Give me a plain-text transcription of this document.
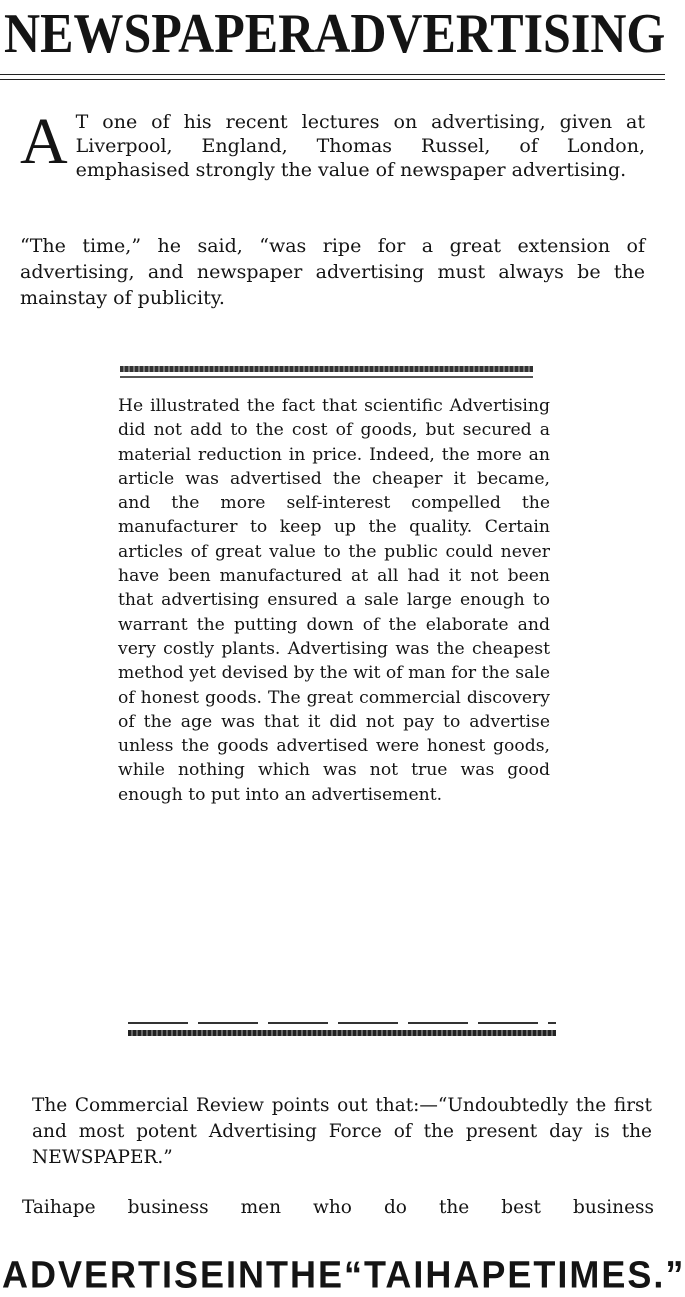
NEWSPAPER ADVERTISING
A T one of his recent lectures on advertising, given at Liverpool, England, Thomas Russel, of London, emphasised strongly the value of newspaper advertising.

“The time,” he said, “was ripe for a great extension of advertising, and newspaper advertising must always be the mainstay of publicity.

He illustrated the fact that scientific Advertising did not add to the cost of goods, but secured a material reduction in price. Indeed, the more an article was advertised the cheaper it became, and the more self-interest compelled the manufacturer to keep up the quality. Certain articles of great value to the public could never have been manufactured at all had it not been that advertising ensured a sale large enough to warrant the putting down of the elaborate and very costly plants. Advertising was the cheapest method yet devised by the wit of man for the sale of honest goods. The great commercial discovery of the age was that it did not pay to advertise unless the goods advertised were honest goods, while nothing which was not true was good enough to put into an advertisement.

The Commercial Review points out that:—“Undoubtedly the first and most potent Advertising Force of the present day is the NEWSPAPER.”

Taihape business men who do the best business

ADVERTISE IN THE “TAIHAPE TIMES.”
